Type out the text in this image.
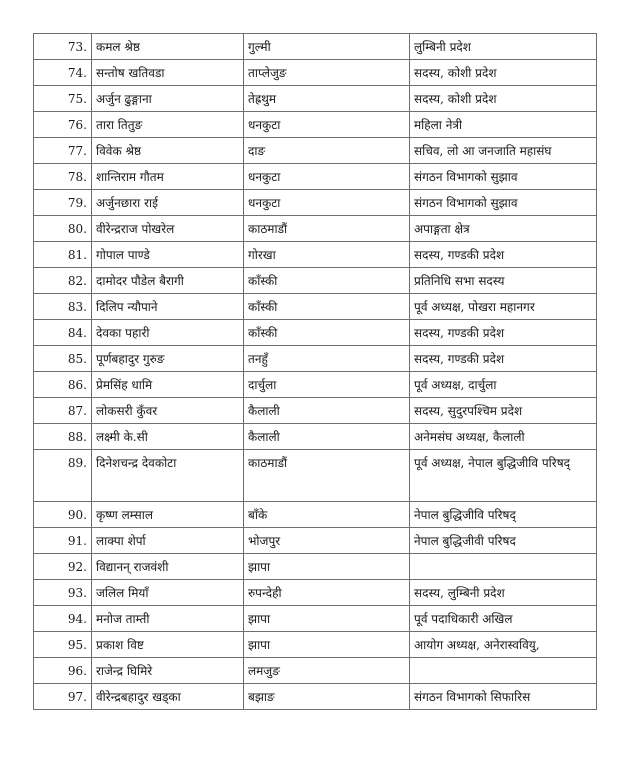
73.	कमल श्रेष्ठ	गुल्मी	लुम्बिनी प्रदेश
74.	सन्तोष खतिवडा	ताप्लेजुङ	सदस्य, कोशी प्रदेश
75.	अर्जुन ढुङ्गाना	तेह्रथुम	सदस्य, कोशी प्रदेश
76.	तारा तितुङ	धनकुटा	महिला नेत्री
77.	विवेक श्रेष्ठ	दाङ	सचिव, लो आ जनजाति महासंघ
78.	शान्तिराम गौतम	धनकुटा	संगठन विभागको सुझाव
79.	अर्जुनछारा राई	धनकुटा	संगठन विभागको सुझाव
80.	वीरेन्द्रराज पोखरेल	काठमाडौं	अपाङ्गता क्षेत्र
81.	गोपाल पाण्डे	गोरखा	सदस्य, गण्डकी प्रदेश
82.	दामोदर पौडेल बैरागी	काँस्की	प्रतिनिधि सभा सदस्य
83.	दिलिप न्यौपाने	काँस्की	पूर्व अध्यक्ष, पोखरा महानगर
84.	देवका पहारी	काँस्की	सदस्य, गण्डकी प्रदेश
85.	पूर्णबहादुर गुरुङ	तनहुँ	सदस्य, गण्डकी प्रदेश
86.	प्रेमसिंह धामि	दार्चुला	पूर्व अध्यक्ष, दार्चुला
87.	लोकसरी कुँवर	कैलाली	सदस्य, सुदुरपश्चिम प्रदेश
88.	लक्ष्मी के.सी	कैलाली	अनेमसंघ अध्यक्ष, कैलाली
89.	दिनेशचन्द्र देवकोटा	काठमाडौं	पूर्व अध्यक्ष, नेपाल बुद्धिजीवि परिषद्
90.	कृष्ण लम्साल	बाँके	नेपाल बुद्धिजीवि परिषद्
91.	लाक्पा शेर्पा	भोजपुर	नेपाल बुद्धिजीवी परिषद
92.	विद्यानन् राजवंशी	झापा	
93.	जलिल मियाँ	रुपन्देही	सदस्य, लुम्बिनी प्रदेश
94.	मनोज ताम्ती	झापा	पूर्व पदाधिकारी अखिल
95.	प्रकाश विष्ट	झापा	आयोग अध्यक्ष, अनेरास्ववियु,
96.	राजेन्द्र घिमिरे	लमजुङ	
97.	वीरेन्द्रबहादुर खड्का	बझाङ	संगठन विभागको सिफारिस
